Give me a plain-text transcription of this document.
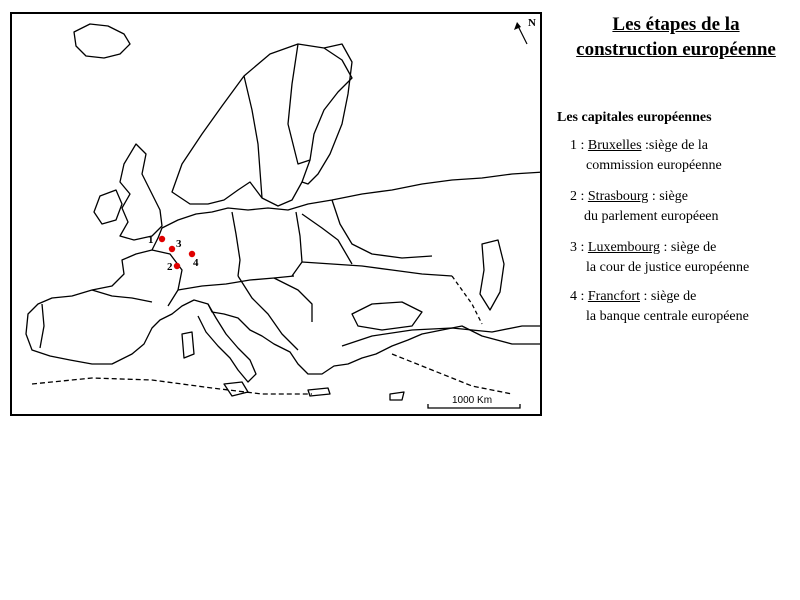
N
1000 Km
1
2
3
4
Les étapes de la
construction européenne
Les capitales européennes
1 : Bruxelles :siège de la
commission européenne
2 : Strasbourg : siège
du parlement européeen
3 : Luxembourg : siège de
la cour de justice européenne
4 : Francfort : siège de
la banque centrale européene
